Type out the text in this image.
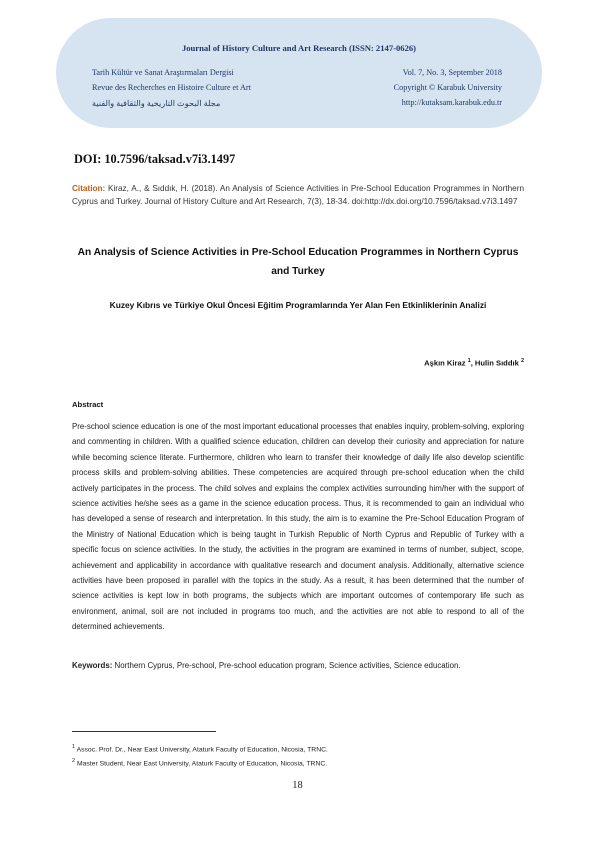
Journal of History Culture and Art Research (ISSN: 2147-0626)
Tarih Kültür ve Sanat Araştırmaları Dergisi
Revue des Recherches en Histoire Culture et Art
مجلة البحوث التاريخية والثقافية والفنية
Vol. 7, No. 3, September 2018
Copyright © Karabuk University
http://kutaksam.karabuk.edu.tr
DOI: 10.7596/taksad.v7i3.1497
Citation: Kiraz, A., & Sıddık, H. (2018). An Analysis of Science Activities in Pre-School Education Programmes in Northern Cyprus and Turkey. Journal of History Culture and Art Research, 7(3), 18-34. doi:http://dx.doi.org/10.7596/taksad.v7i3.1497
An Analysis of Science Activities in Pre-School Education Programmes in Northern Cyprus and Turkey
Kuzey Kıbrıs ve Türkiye Okul Öncesi Eğitim Programlarında Yer Alan Fen Etkinliklerinin Analizi
Aşkın Kiraz $^1$, Hulin Sıddık $^2$
Abstract
Pre-school science education is one of the most important educational processes that enables inquiry, problem-solving, exploring and commenting in children. With a qualified science education, children can develop their curiosity and appreciation for nature while becoming science literate. Furthermore, children who learn to transfer their knowledge of daily life also develop scientific process skills and problem-solving abilities. These competencies are acquired through pre-school education when the child actively participates in the process. The child solves and explains the complex activities surrounding him/her with the support of science activities he/she sees as a game in the science education process. Thus, it is recommended to gain an individual who has developed a sense of research and interpretation. In this study, the aim is to examine the Pre-School Education Program of the Ministry of National Education which is being taught in Turkish Republic of North Cyprus and Republic of Turkey with a specific focus on science activities. In the study, the activities in the program are examined in terms of number, subject, scope, achievement and applicability in accordance with qualitative research and document analysis. Additionally, alternative science activities have been proposed in parallel with the topics in the study. As a result, it has been determined that the number of science activities is kept low in both programs, the subjects which are important outcomes of contemporary life such as environment, animal, soil are not included in programs too much, and the activities are not able to respond to all of the determined achievements.
Keywords: Northern Cyprus, Pre-school, Pre-school education program, Science activities, Science education.
$^1$ Assoc. Prof. Dr., Near East University, Ataturk Faculty of Education, Nicosia, TRNC.
$^2$ Master Student, Near East University, Ataturk Faculty of Education, Nicosia, TRNC.
18
